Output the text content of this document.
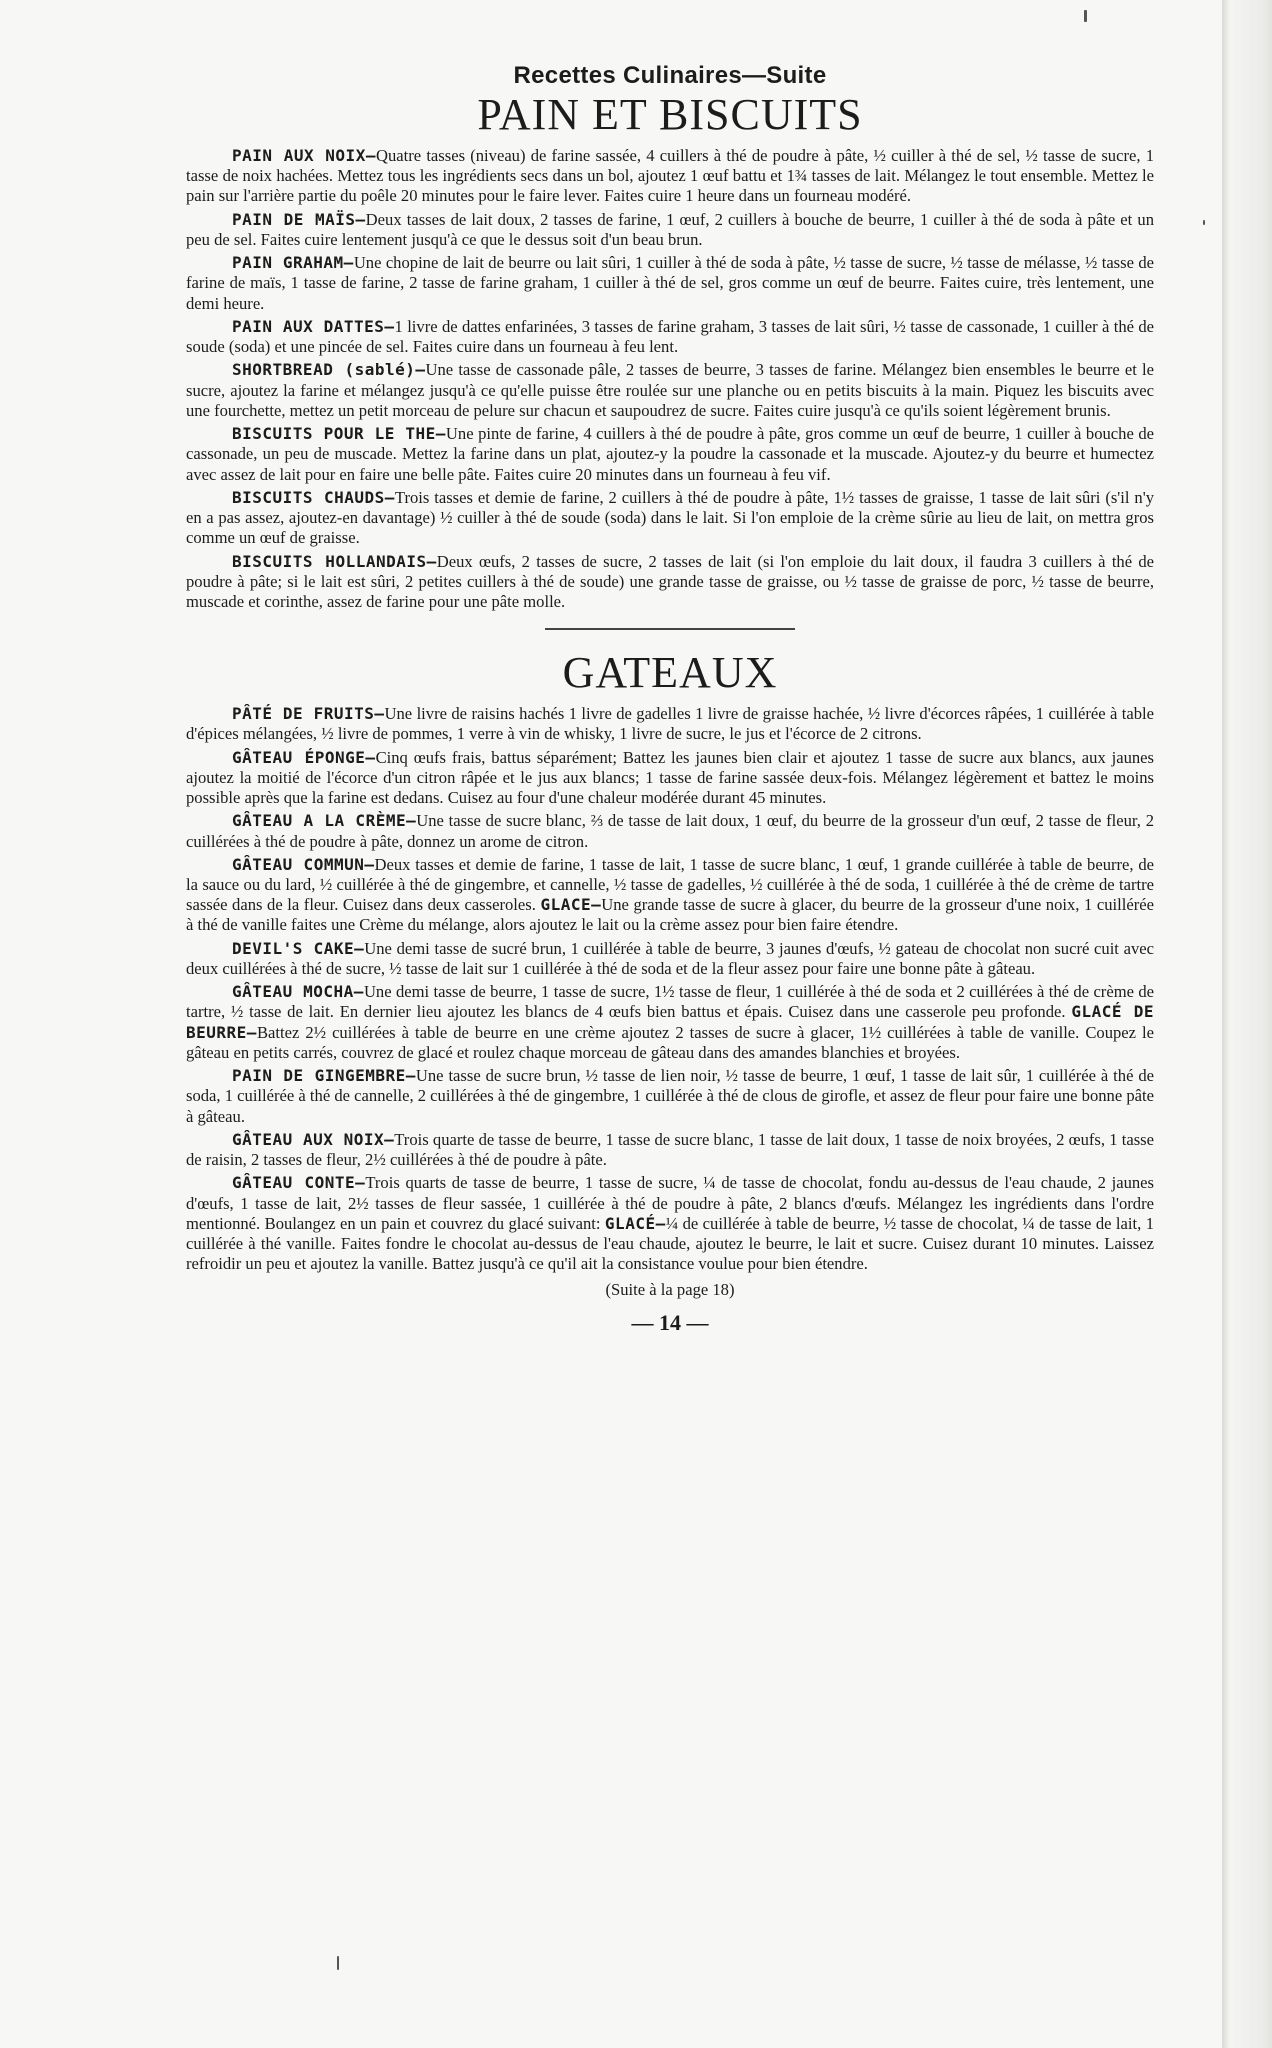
Recettes Culinaires—Suite
PAIN ET BISCUITS

PAIN AUX NOIX—Quatre tasses (niveau) de farine sassée, 4 cuillers à thé de poudre à pâte, ½ cuiller à thé de sel, ½ tasse de sucre, 1 tasse de noix hachées. Mettez tous les ingrédients secs dans un bol, ajoutez 1 œuf battu et 1¾ tasses de lait. Mélangez le tout ensemble. Mettez le pain sur l'arrière partie du poêle 20 minutes pour le faire lever. Faites cuire 1 heure dans un fourneau modéré.

PAIN DE MAÏS—Deux tasses de lait doux, 2 tasses de farine, 1 œuf, 2 cuillers à bouche de beurre, 1 cuiller à thé de soda à pâte et un peu de sel. Faites cuire lentement jusqu'à ce que le dessus soit d'un beau brun.

PAIN GRAHAM—Une chopine de lait de beurre ou lait sûri, 1 cuiller à thé de soda à pâte, ½ tasse de sucre, ½ tasse de mélasse, ½ tasse de farine de maïs, 1 tasse de farine, 2 tasse de farine graham, 1 cuiller à thé de sel, gros comme un œuf de beurre. Faites cuire, très lentement, une demi heure.

PAIN AUX DATTES—1 livre de dattes enfarinées, 3 tasses de farine graham, 3 tasses de lait sûri, ½ tasse de cassonade, 1 cuiller à thé de soude (soda) et une pincée de sel. Faites cuire dans un fourneau à feu lent.

SHORTBREAD (sablé)—Une tasse de cassonade pâle, 2 tasses de beurre, 3 tasses de farine. Mélangez bien ensembles le beurre et le sucre, ajoutez la farine et mélangez jusqu'à ce qu'elle puisse être roulée sur une planche ou en petits biscuits à la main. Piquez les biscuits avec une fourchette, mettez un petit morceau de pelure sur chacun et saupoudrez de sucre. Faites cuire jusqu'à ce qu'ils soient légèrement brunis.

BISCUITS POUR LE THE—Une pinte de farine, 4 cuillers à thé de poudre à pâte, gros comme un œuf de beurre, 1 cuiller à bouche de cassonade, un peu de muscade. Mettez la farine dans un plat, ajoutez-y la poudre la cassonade et la muscade. Ajoutez-y du beurre et humectez avec assez de lait pour en faire une belle pâte. Faites cuire 20 minutes dans un fourneau à feu vif.

BISCUITS CHAUDS—Trois tasses et demie de farine, 2 cuillers à thé de poudre à pâte, 1½ tasses de graisse, 1 tasse de lait sûri (s'il n'y en a pas assez, ajoutez-en davantage) ½ cuiller à thé de soude (soda) dans le lait. Si l'on emploie de la crème sûrie au lieu de lait, on mettra gros comme un œuf de graisse.

BISCUITS HOLLANDAIS—Deux œufs, 2 tasses de sucre, 2 tasses de lait (si l'on emploie du lait doux, il faudra 3 cuillers à thé de poudre à pâte; si le lait est sûri, 2 petites cuillers à thé de soude) une grande tasse de graisse, ou ½ tasse de graisse de porc, ½ tasse de beurre, muscade et corinthe, assez de farine pour une pâte molle.

GATEAUX

PÂTÉ DE FRUITS—Une livre de raisins hachés 1 livre de gadelles 1 livre de graisse hachée, ½ livre d'écorces râpées, 1 cuillérée à table d'épices mélangées, ½ livre de pommes, 1 verre à vin de whisky, 1 livre de sucre, le jus et l'écorce de 2 citrons.

GÂTEAU ÉPONGE—Cinq œufs frais, battus séparément; Battez les jaunes bien clair et ajoutez 1 tasse de sucre aux blancs, aux jaunes ajoutez la moitié de l'écorce d'un citron râpée et le jus aux blancs; 1 tasse de farine sassée deux-fois. Mélangez légèrement et battez le moins possible après que la farine est dedans. Cuisez au four d'une chaleur modérée durant 45 minutes.

GÂTEAU A LA CRÈME—Une tasse de sucre blanc, ⅔ de tasse de lait doux, 1 œuf, du beurre de la grosseur d'un œuf, 2 tasse de fleur, 2 cuillérées à thé de poudre à pâte, donnez un arome de citron.

GÂTEAU COMMUN—Deux tasses et demie de farine, 1 tasse de lait, 1 tasse de sucre blanc, 1 œuf, 1 grande cuillérée à table de beurre, de la sauce ou du lard, ½ cuillérée à thé de gingembre, et cannelle, ½ tasse de gadelles, ½ cuillérée à thé de soda, 1 cuillérée à thé de crème de tartre sassée dans de la fleur. Cuisez dans deux casseroles. GLACE—Une grande tasse de sucre à glacer, du beurre de la grosseur d'une noix, 1 cuillérée à thé de vanille faites une Crème du mélange, alors ajoutez le lait ou la crème assez pour bien faire étendre.

DEVIL'S CAKE—Une demi tasse de sucré brun, 1 cuillérée à table de beurre, 3 jaunes d'œufs, ½ gateau de chocolat non sucré cuit avec deux cuillérées à thé de sucre, ½ tasse de lait sur 1 cuillérée à thé de soda et de la fleur assez pour faire une bonne pâte à gâteau.

GÂTEAU MOCHA—Une demi tasse de beurre, 1 tasse de sucre, 1½ tasse de fleur, 1 cuillérée à thé de soda et 2 cuillérées à thé de crème de tartre, ½ tasse de lait. En dernier lieu ajoutez les blancs de 4 œufs bien battus et épais. Cuisez dans une casserole peu profonde. GLACÉ DE BEURRE—Battez 2½ cuillérées à table de beurre en une crème ajoutez 2 tasses de sucre à glacer, 1½ cuillérées à table de vanille. Coupez le gâteau en petits carrés, couvrez de glacé et roulez chaque morceau de gâteau dans des amandes blanchies et broyées.

PAIN DE GINGEMBRE—Une tasse de sucre brun, ½ tasse de lien noir, ½ tasse de beurre, 1 œuf, 1 tasse de lait sûr, 1 cuillérée à thé de soda, 1 cuillérée à thé de cannelle, 2 cuillérées à thé de gingembre, 1 cuillérée à thé de clous de girofle, et assez de fleur pour faire une bonne pâte à gâteau.

GÂTEAU AUX NOIX—Trois quarte de tasse de beurre, 1 tasse de sucre blanc, 1 tasse de lait doux, 1 tasse de noix broyées, 2 œufs, 1 tasse de raisin, 2 tasses de fleur, 2½ cuillérées à thé de poudre à pâte.

GÂTEAU CONTE—Trois quarts de tasse de beurre, 1 tasse de sucre, ¼ de tasse de chocolat, fondu au-dessus de l'eau chaude, 2 jaunes d'œufs, 1 tasse de lait, 2½ tasses de fleur sassée, 1 cuillérée à thé de poudre à pâte, 2 blancs d'œufs. Mélangez les ingrédients dans l'ordre mentionné. Boulangez en un pain et couvrez du glacé suivant: GLACÉ—¼ de cuillérée à table de beurre, ½ tasse de chocolat, ¼ de tasse de lait, 1 cuillérée à thé vanille. Faites fondre le chocolat au-dessus de l'eau chaude, ajoutez le beurre, le lait et sucre. Cuisez durant 10 minutes. Laissez refroidir un peu et ajoutez la vanille. Battez jusqu'à ce qu'il ait la consistance voulue pour bien étendre.

(Suite à la page 18)
— 14 —
